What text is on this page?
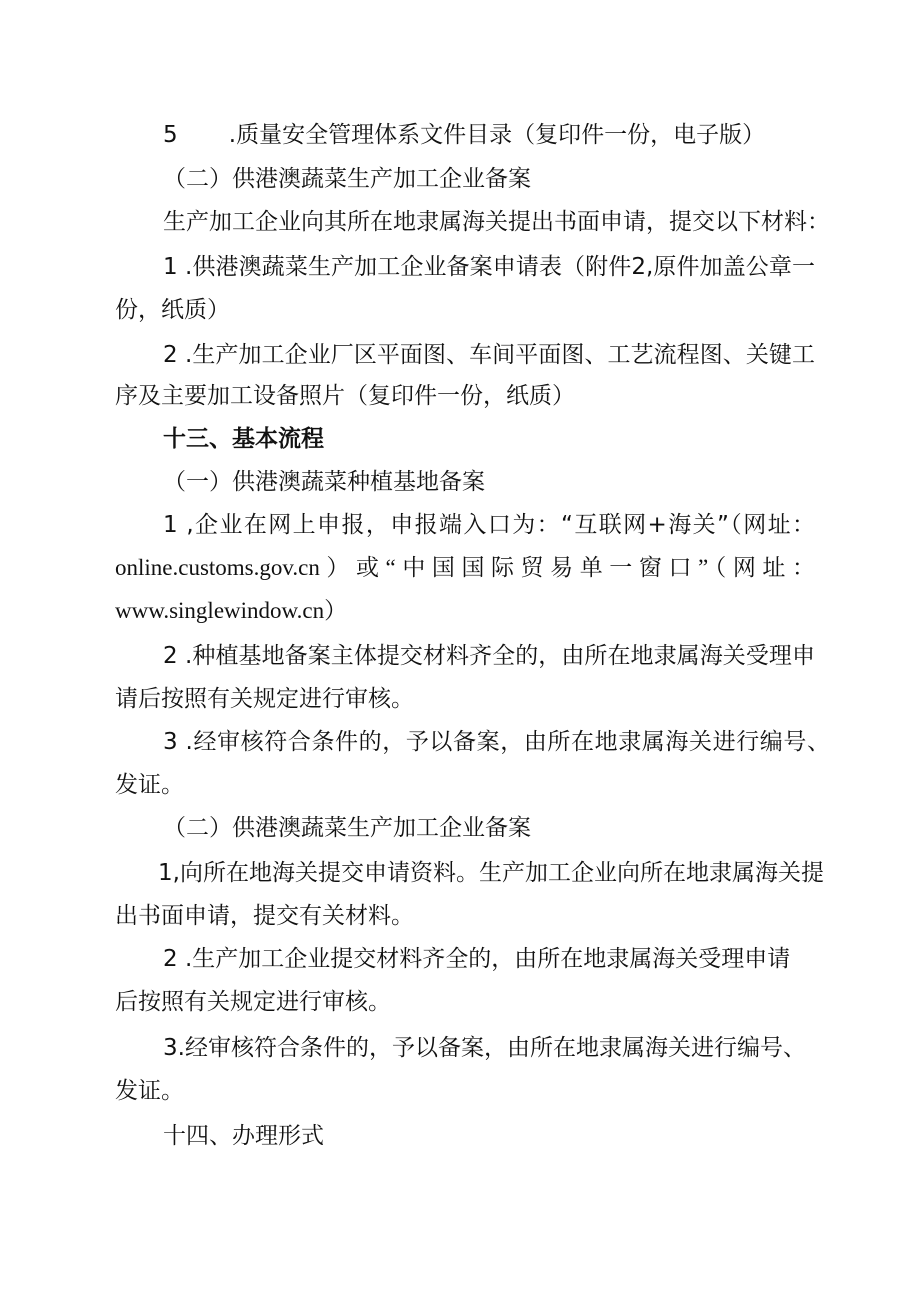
5       .质量安全管理体系文件目录（复印件一份，电子版）
（二）供港澳蔬菜生产加工企业备案
生产加工企业向其所在地隶属海关提出书面申请，提交以下材料：
1 .供港澳蔬菜生产加工企业备案申请表（附件2,原件加盖公章一
份，纸质）
2 .生产加工企业厂区平面图、车间平面图、工艺流程图、关键工
序及主要加工设备照片（复印件一份，纸质）
十三、基本流程
（一）供港澳蔬菜种植基地备案
1 ,企业在网上申报，申报端入口为：“互联网+海关”（网址：
online.customs.gov.cn）或“中国国际贸易单一窗口”（网址：
www.singlewindow.cn）
2 .种植基地备案主体提交材料齐全的，由所在地隶属海关受理申
请后按照有关规定进行审核。
3 .经审核符合条件的，予以备案，由所在地隶属海关进行编号、
发证。
（二）供港澳蔬菜生产加工企业备案
1,向所在地海关提交申请资料。生产加工企业向所在地隶属海关提
出书面申请，提交有关材料。
2 .生产加工企业提交材料齐全的，由所在地隶属海关受理申请
后按照有关规定进行审核。
3.经审核符合条件的，予以备案，由所在地隶属海关进行编号、
发证。
十四、办理形式
